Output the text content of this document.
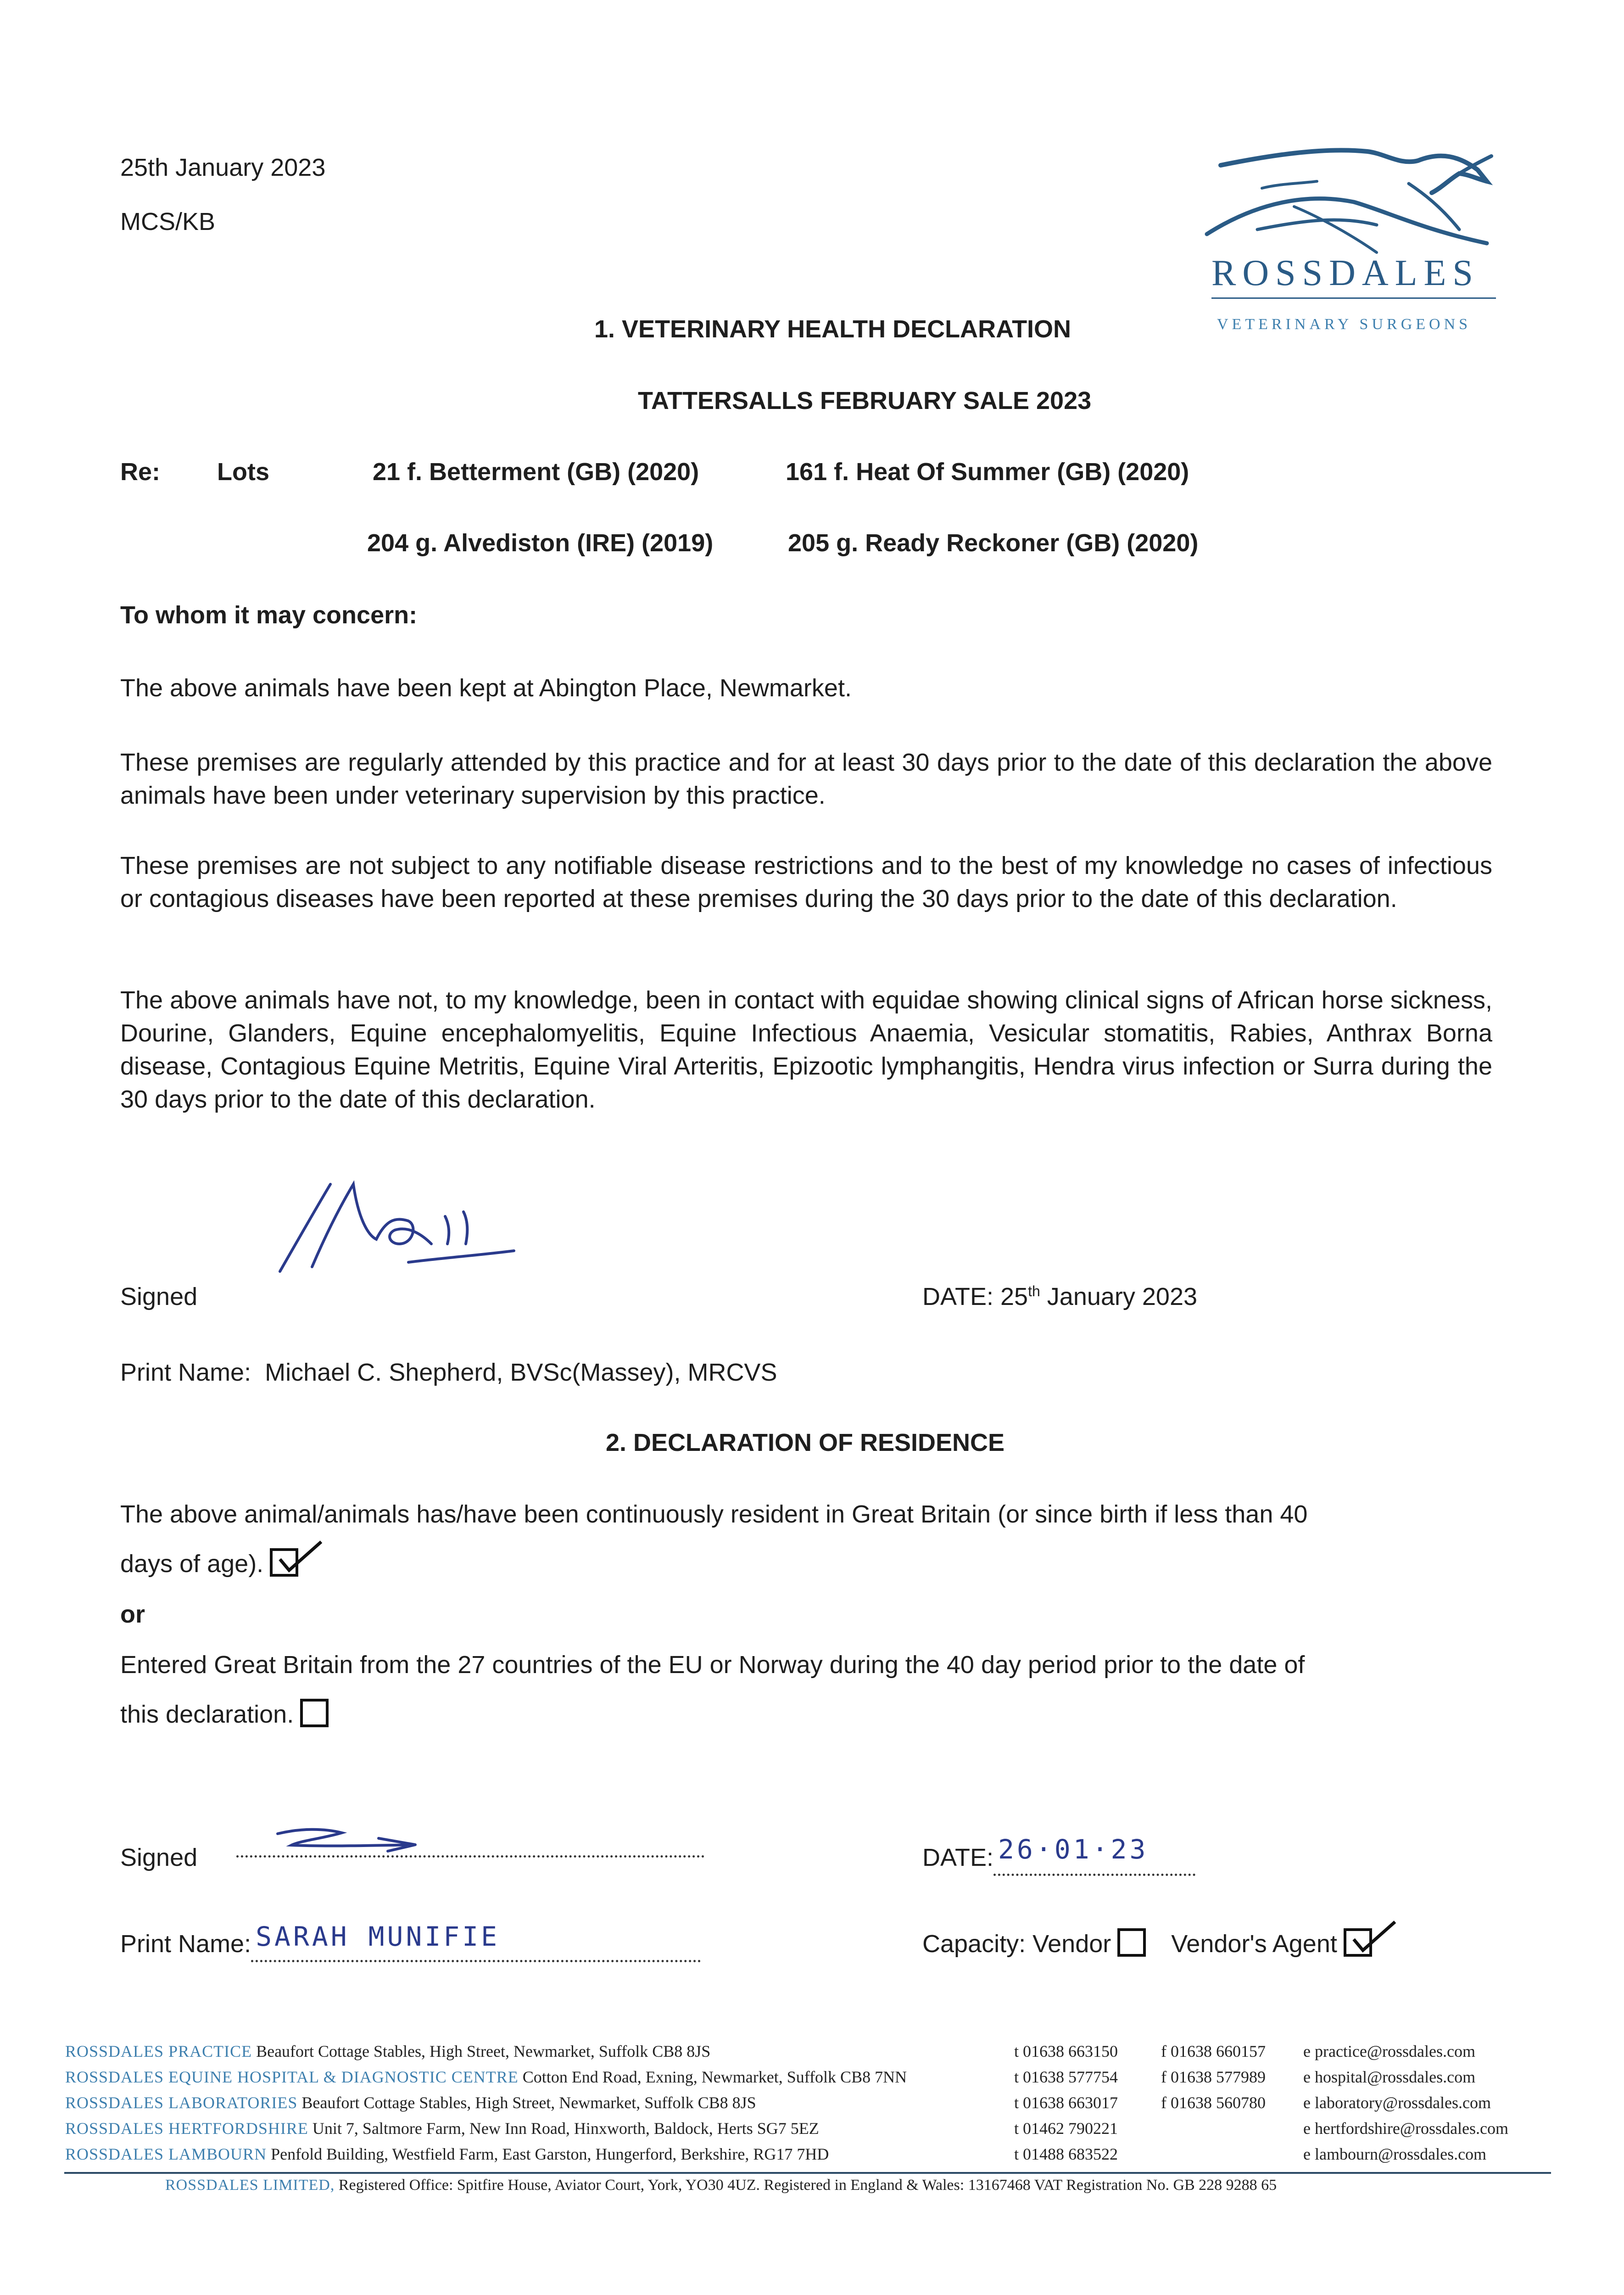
25th January 2023
MCS/KB
ROSSDALES
VETERINARY SURGEONS
1. VETERINARY HEALTH DECLARATION
TATTERSALLS FEBRUARY SALE 2023
Re: Lots	21 f. Betterment (GB) (2020)	161 f. Heat Of Summer (GB) (2020)
204 g. Alvediston (IRE) (2019)	205 g. Ready Reckoner (GB) (2020)
To whom it may concern:
The above animals have been kept at Abington Place, Newmarket.
These premises are regularly attended by this practice and for at least 30 days prior to the date of this declaration the above animals have been under veterinary supervision by this practice.
These premises are not subject to any notifiable disease restrictions and to the best of my knowledge no cases of infectious or contagious diseases have been reported at these premises during the 30 days prior to the date of this declaration.
The above animals have not, to my knowledge, been in contact with equidae showing clinical signs of African horse sickness, Dourine, Glanders, Equine encephalomyelitis, Equine Infectious Anaemia, Vesicular stomatitis, Rabies, Anthrax Borna disease, Contagious Equine Metritis, Equine Viral Arteritis, Epizootic lymphangitis, Hendra virus infection or Surra during the 30 days prior to the date of this declaration.
Signed	DATE: 25th January 2023
Print Name: Michael C. Shepherd, BVSc(Massey), MRCVS
2. DECLARATION OF RESIDENCE
The above animal/animals has/have been continuously resident in Great Britain (or since birth if less than 40
days of age).
or
Entered Great Britain from the 27 countries of the EU or Norway during the 40 day period prior to the date of
this declaration.
Signed	DATE: 26·01·23

Print Name: SARAH MUNIFIE
	Capacity: Vendor Vendor's Agent
ROSSDALES PRACTICE Beaufort Cottage Stables, High Street, Newmarket, Suffolk CB8 8JS	t 01638 663150	f 01638 660157 e practice@rossdales.com
ROSSDALES EQUINE HOSPITAL & DIAGNOSTIC CENTRE Cotton End Road, Exning, Newmarket, Suffolk CB8 7NN	t 01638 577754	f 01638 577989 e hospital@rossdales.com
ROSSDALES LABORATORIES Beaufort Cottage Stables, High Street, Newmarket, Suffolk CB8 8JS	t 01638 663017	f 01638 560780 e laboratory@rossdales.com
ROSSDALES HERTFORDSHIRE Unit 7, Saltmore Farm, New Inn Road, Hinxworth, Baldock, Herts SG7 5EZ	t 01462 790221	e hertfordshire@rossdales.com
ROSSDALES LAMBOURN Penfold Building, Westfield Farm, East Garston, Hungerford, Berkshire, RG17 7HD	t 01488 683522	e lambourn@rossdales.com
ROSSDALES LIMITED, Registered Office: Spitfire House, Aviator Court, York, YO30 4UZ. Registered in England & Wales: 13167468 VAT Registration No. GB 228 9288 65
